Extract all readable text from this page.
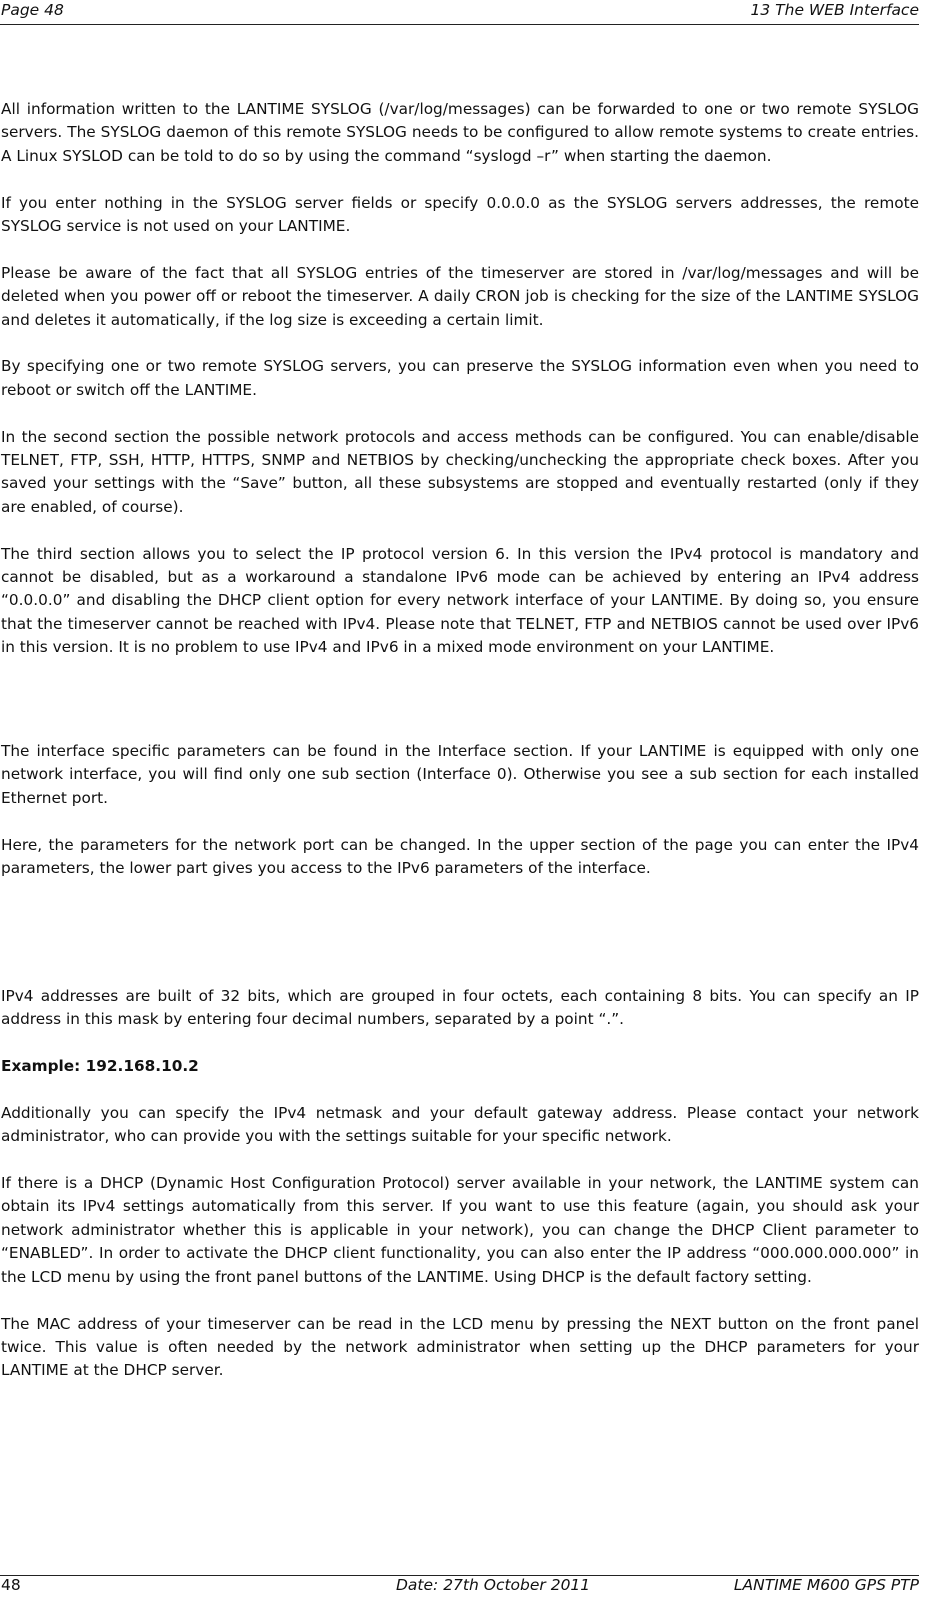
Page 48	13 The WEB Interface

All information written to the LANTIME SYSLOG (/var/log/messages) can be forwarded to one or two remote SYSLOG servers. The SYSLOG daemon of this remote SYSLOG needs to be configured to allow remote systems to create entries. A Linux SYSLOD can be told to do so by using the command “syslogd –r” when starting the daemon.

If you enter nothing in the SYSLOG server fields or specify 0.0.0.0 as the SYSLOG servers addresses, the remote SYSLOG service is not used on your LANTIME.

Please be aware of the fact that all SYSLOG entries of the timeserver are stored in /var/log/messages and will be deleted when you power off or reboot the timeserver. A daily CRON job is checking for the size of the LANTIME SYSLOG and deletes it automatically, if the log size is exceeding a certain limit.

By specifying one or two remote SYSLOG servers, you can preserve the SYSLOG information even when you need to reboot or switch off the LANTIME.

In the second section the possible network protocols and access methods can be configured. You can enable/disable TELNET, FTP, SSH, HTTP, HTTPS, SNMP and NETBIOS by checking/unchecking the appropriate check boxes. After you saved your settings with the “Save” button, all these subsystems are stopped and eventually restarted (only if they are enabled, of course).

The third section allows you to select the IP protocol version 6. In this version the IPv4 protocol is mandatory and cannot be disabled, but as a workaround a standalone IPv6 mode can be achieved by entering an IPv4 address “0.0.0.0” and disabling the DHCP client option for every network interface of your LANTIME. By doing so, you ensure that the timeserver cannot be reached with IPv4. Please note that TELNET, FTP and NETBIOS cannot be used over IPv6 in this version. It is no problem to use IPv4 and IPv6 in a mixed mode environment on your LANTIME.

The interface specific parameters can be found in the Interface section. If your LANTIME is equipped with only one network interface, you will find only one sub section (Interface 0). Otherwise you see a sub section for each installed Ethernet port.

Here, the parameters for the network port can be changed. In the upper section of the page you can enter the IPv4 parameters, the lower part gives you access to the IPv6 parameters of the interface.

IPv4 addresses are built of 32 bits, which are grouped in four octets, each containing 8 bits. You can specify an IP address in this mask by entering four decimal numbers, separated by a point “.”.

Example: 192.168.10.2

Additionally you can specify the IPv4 netmask and your default gateway address. Please contact your network administrator, who can provide you with the settings suitable for your specific network.

If there is a DHCP (Dynamic Host Configuration Protocol) server available in your network, the LANTIME system can obtain its IPv4 settings automatically from this server. If you want to use this feature (again, you should ask your network administrator whether this is applicable in your network), you can change the DHCP Client parameter to “ENABLED”. In order to activate the DHCP client functionality, you can also enter the IP address “000.000.000.000” in the LCD menu by using the front panel buttons of the LANTIME. Using DHCP is the default factory setting.

The MAC address of your timeserver can be read in the LCD menu by pressing the NEXT button on the front panel twice. This value is often needed by the network administrator when setting up the DHCP parameters for your LANTIME at the DHCP server.

48	Date: 27th October 2011	LANTIME M600 GPS PTP
